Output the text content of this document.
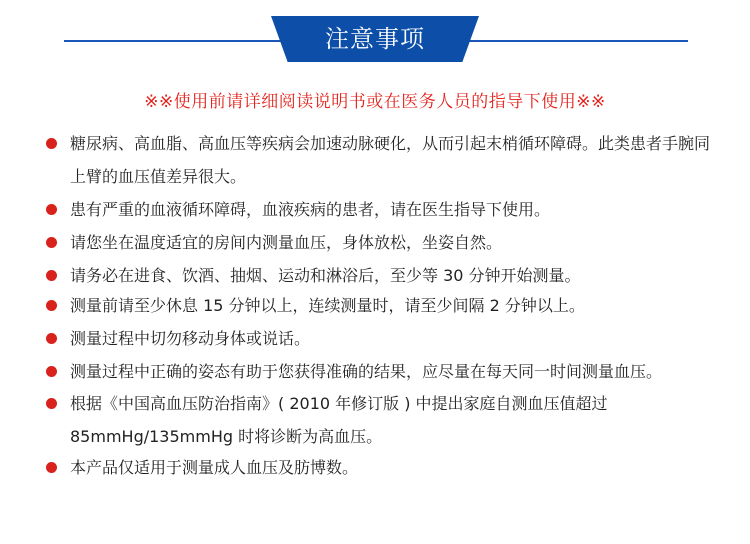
注意事项
※※使用前请详细阅读说明书或在医务人员的指导下使用※※
糖尿病、高血脂、高血压等疾病会加速动脉硬化，从而引起末梢循环障碍。此类患者手腕同上臂的血压值差异很大。
患有严重的血液循环障碍，血液疾病的患者，请在医生指导下使用。
请您坐在温度适宜的房间内测量血压，身体放松，坐姿自然。
请务必在进食、饮酒、抽烟、运动和淋浴后，至少等 30 分钟开始测量。
测量前请至少休息 15 分钟以上，连续测量时，请至少间隔 2 分钟以上。
测量过程中切勿移动身体或说话。
测量过程中正确的姿态有助于您获得准确的结果，应尽量在每天同一时间测量血压。
根据《中国高血压防治指南》( 2010 年修订版 ) 中提出家庭自测血压值超过 85mmHg/135mmHg 时将诊断为高血压。
本产品仅适用于测量成人血压及肪博数。
